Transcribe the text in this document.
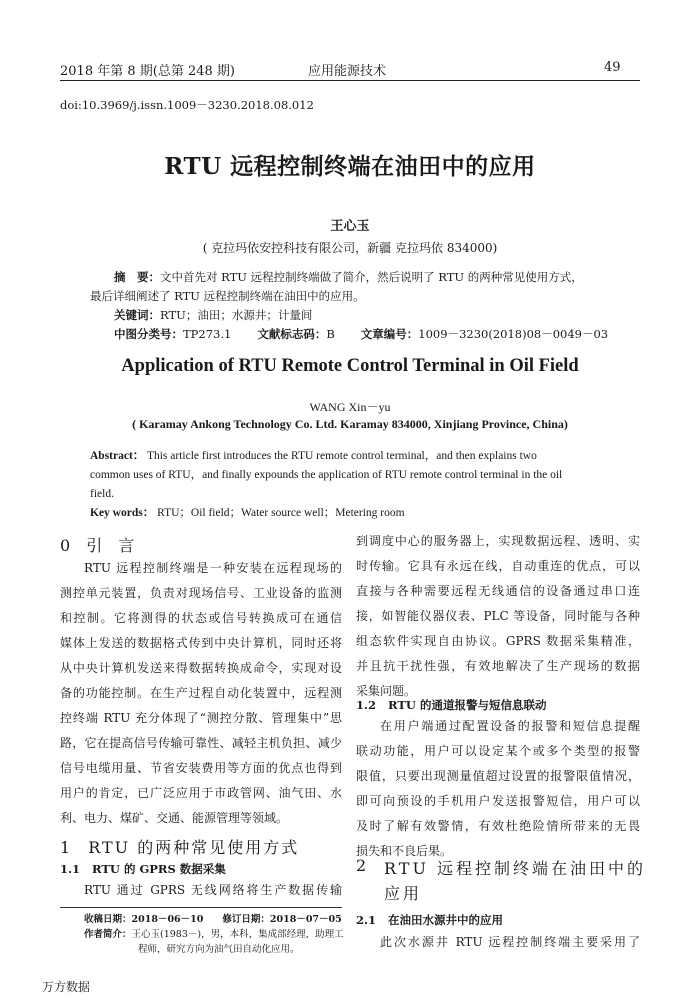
2018 年第 8 期(总第 248 期)	应用能源技术	49
doi:10.3969/j.issn.1009－3230.2018.08.012
RTU 远程控制终端在油田中的应用
王心玉
( 克拉玛依安控科技有限公司，新疆 克拉玛依 834000)
摘　要：文中首先对 RTU 远程控制终端做了简介，然后说明了 RTU 的两种常见使用方式，
最后详细阐述了 RTU 远程控制终端在油田中的应用。
关键词：RTU；油田；水源井；计量间
中图分类号：TP273.1 文献标志码：B 文章编号：1009－3230(2018)08－0049－03
Application of RTU Remote Control Terminal in Oil Field
WANG Xin－yu
( Karamay Ankong Technology Co. Ltd. Karamay 834000, Xinjiang Province, China)
Abstract： This article first introduces the RTU remote control terminal，and then explains two
common uses of RTU，and finally expounds the application of RTU remote control terminal in the oil
field.
Key words： RTU；Oil field；Water source well；Metering room
0 引　言
RTU 远程控制终端是一种安装在远程现场的
测控单元装置，负责对现场信号、工业设备的监测
和控制。它将测得的状态或信号转换成可在通信
媒体上发送的数据格式传到中央计算机，同时还将
从中央计算机发送来得数据转换成命令，实现对设
备的功能控制。在生产过程自动化装置中，远程测
控终端 RTU 充分体现了“测控分散、管理集中”思
路，它在提高信号传输可靠性、减轻主机负担、减少
信号电缆用量、节省安装费用等方面的优点也得到
用户的肯定，已广泛应用于市政管网、油气田、水
利、电力、煤矿、交通、能源管理等领域。
1 RTU 的两种常见使用方式
1.1 RTU 的 GPRS 数据采集
RTU 通过 GPRS 无线网络将生产数据传输
收稿日期：2018－06－10　　修订日期：2018－07－05
作者简介：王心玉(1983－)，男，本科，集成部经理，助理工
程师，研究方向为油气田自动化应用。
到调度中心的服务器上，实现数据远程、透明、实
时传输。它具有永远在线，自动重连的优点，可以
直接与各种需要远程无线通信的设备通过串口连
接，如智能仪器仪表、PLC 等设备，同时能与各种
组态软件实现自由协议。GPRS 数据采集精准，
并且抗干扰性强，有效地解决了生产现场的数据
采集问题。
1.2 RTU 的通道报警与短信息联动
在用户端通过配置设备的报警和短信息提醒
联动功能，用户可以设定某个或多个类型的报警
限值，只要出现测量值超过设置的报警限值情况，
即可向预设的手机用户发送报警短信，用户可以
及时了解有效警情，有效杜绝险情所带来的无畏
损失和不良后果。
2 RTU 远程控制终端在油田中的
应用
2.1 在油田水源井中的应用
此次水源井 RTU 远程控制终端主要采用了
万方数据
